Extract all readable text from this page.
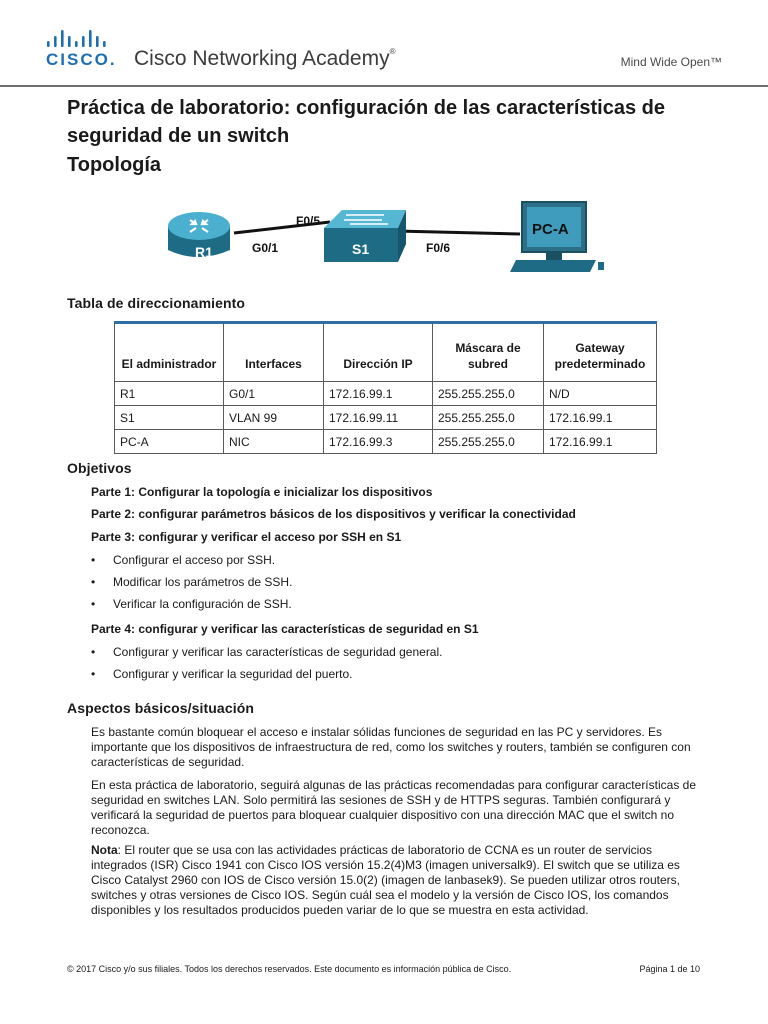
CISCO. Cisco Networking Academy®
Mind Wide Open™
Práctica de laboratorio: configuración de las características de seguridad de un switch
Topología
R1	S1
PC-A
G0/1
F0/5
F0/6
Tabla de direccionamiento
El administrador	Interfaces	Dirección IP	Máscara de subred	Gateway predeterminado
R1	G0/1	172.16.99.1	255.255.255.0	N/D
S1	VLAN 99	172.16.99.11	255.255.255.0	172.16.99.1
PC-A	NIC	172.16.99.3	255.255.255.0	172.16.99.1
Objetivos
Parte 1: Configurar la topología e inicializar los dispositivos
Parte 2: configurar parámetros básicos de los dispositivos y verificar la conectividad
Parte 3: configurar y verificar el acceso por SSH en S1
• Configurar el acceso por SSH.
• Modificar los parámetros de SSH.
• Verificar la configuración de SSH.
Parte 4: configurar y verificar las características de seguridad en S1
• Configurar y verificar las características de seguridad general.
• Configurar y verificar la seguridad del puerto.
Aspectos básicos/situación
Es bastante común bloquear el acceso e instalar sólidas funciones de seguridad en las PC y servidores. Es importante que los dispositivos de infraestructura de red, como los switches y routers, también se configuren con características de seguridad.
En esta práctica de laboratorio, seguirá algunas de las prácticas recomendadas para configurar características de seguridad en switches LAN. Solo permitirá las sesiones de SSH y de HTTPS seguras. También configurará y verificará la seguridad de puertos para bloquear cualquier dispositivo con una dirección MAC que el switch no reconozca.
Nota: El router que se usa con las actividades prácticas de laboratorio de CCNA es un router de servicios integrados (ISR) Cisco 1941 con Cisco IOS versión 15.2(4)M3 (imagen universalk9). El switch que se utiliza es Cisco Catalyst 2960 con IOS de Cisco versión 15.0(2) (imagen de lanbasek9). Se pueden utilizar otros routers, switches y otras versiones de Cisco IOS. Según cuál sea el modelo y la versión de Cisco IOS, los comandos disponibles y los resultados producidos pueden variar de lo que se muestra en esta actividad.
© 2017 Cisco y/o sus filiales. Todos los derechos reservados. Este documento es información pública de Cisco.	Página 1 de 10
